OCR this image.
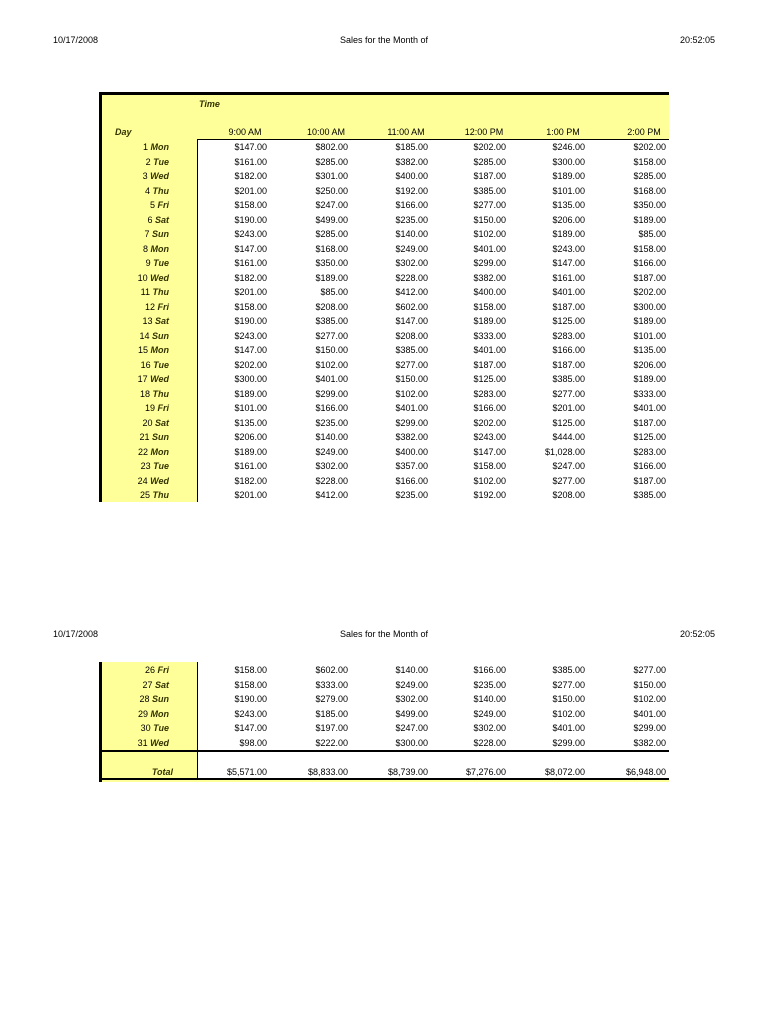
10/17/2008	Sales for the Month of	20:52:05
Time
Day	9:00 AM	10:00 AM	11:00 AM	12:00 PM	1:00 PM	2:00 PM
1 Mon	$147.00	$802.00	$185.00	$202.00	$246.00	$202.00
2 Tue	$161.00	$285.00	$382.00	$285.00	$300.00	$158.00
3 Wed	$182.00	$301.00	$400.00	$187.00	$189.00	$285.00
4 Thu	$201.00	$250.00	$192.00	$385.00	$101.00	$168.00
5 Fri	$158.00	$247.00	$166.00	$277.00	$135.00	$350.00
6 Sat	$190.00	$499.00	$235.00	$150.00	$206.00	$189.00
7 Sun	$243.00	$285.00	$140.00	$102.00	$189.00	$85.00
8 Mon	$147.00	$168.00	$249.00	$401.00	$243.00	$158.00
9 Tue	$161.00	$350.00	$302.00	$299.00	$147.00	$166.00
10 Wed	$182.00	$189.00	$228.00	$382.00	$161.00	$187.00
11 Thu	$201.00	$85.00	$412.00	$400.00	$401.00	$202.00
12 Fri	$158.00	$208.00	$602.00	$158.00	$187.00	$300.00
13 Sat	$190.00	$385.00	$147.00	$189.00	$125.00	$189.00
14 Sun	$243.00	$277.00	$208.00	$333.00	$283.00	$101.00
15 Mon	$147.00	$150.00	$385.00	$401.00	$166.00	$135.00
16 Tue	$202.00	$102.00	$277.00	$187.00	$187.00	$206.00
17 Wed	$300.00	$401.00	$150.00	$125.00	$385.00	$189.00
18 Thu	$189.00	$299.00	$102.00	$283.00	$277.00	$333.00
19 Fri	$101.00	$166.00	$401.00	$166.00	$201.00	$401.00
20 Sat	$135.00	$235.00	$299.00	$202.00	$125.00	$187.00
21 Sun	$206.00	$140.00	$382.00	$243.00	$444.00	$125.00
22 Mon	$189.00	$249.00	$400.00	$147.00	$1,028.00	$283.00
23 Tue	$161.00	$302.00	$357.00	$158.00	$247.00	$166.00
24 Wed	$182.00	$228.00	$166.00	$102.00	$277.00	$187.00
25 Thu	$201.00	$412.00	$235.00	$192.00	$208.00	$385.00
10/17/2008	Sales for the Month of	20:52:05
26 Fri	$158.00	$602.00	$140.00	$166.00	$385.00	$277.00
27 Sat	$158.00	$333.00	$249.00	$235.00	$277.00	$150.00
28 Sun	$190.00	$279.00	$302.00	$140.00	$150.00	$102.00
29 Mon	$243.00	$185.00	$499.00	$249.00	$102.00	$401.00
30 Tue	$147.00	$197.00	$247.00	$302.00	$401.00	$299.00
31 Wed	$98.00	$222.00	$300.00	$228.00	$299.00	$382.00
Total	$5,571.00	$8,833.00	$8,739.00	$7,276.00	$8,072.00	$6,948.00
